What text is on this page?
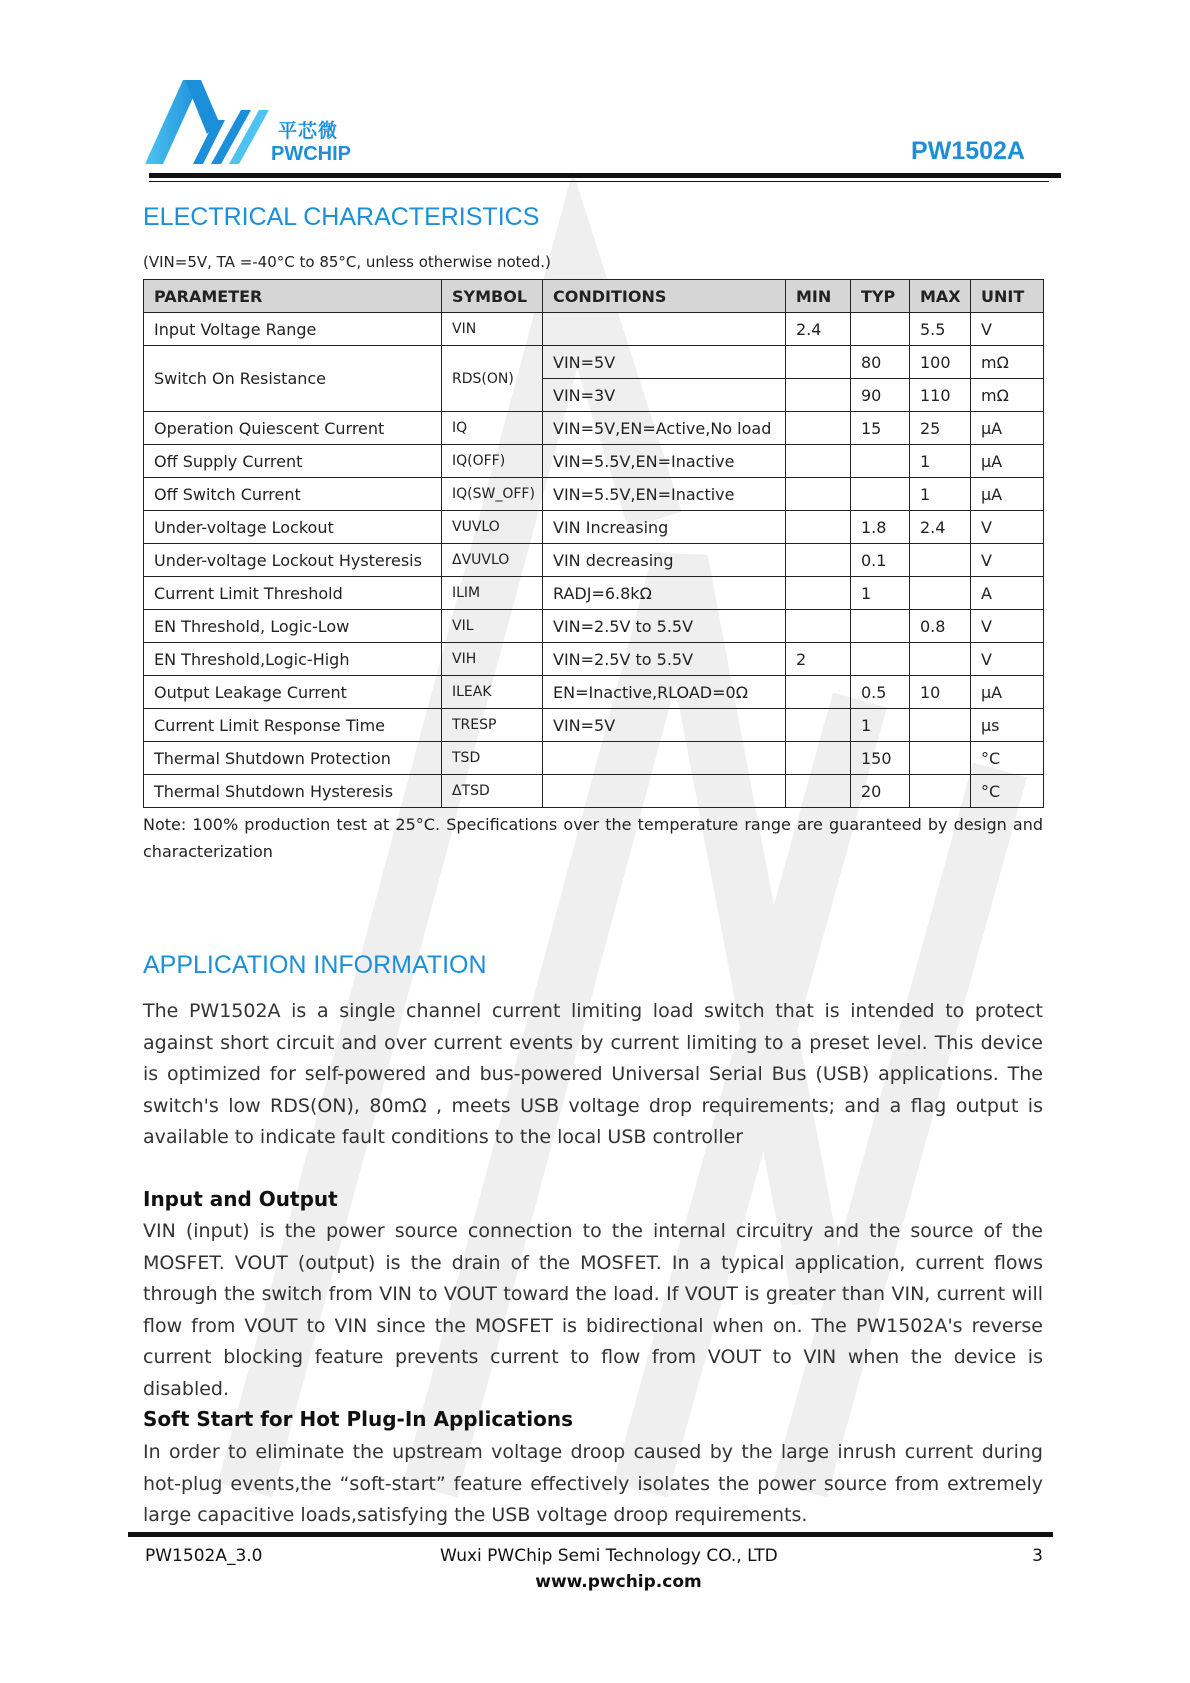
平芯微
PWCHIP	PW1502A
ELECTRICAL CHARACTERISTICS
(VIN=5V, TA =-40°C to 85°C, unless otherwise noted.)
PARAMETER	SYMBOL	CONDITIONS	MIN	TYP	MAX	UNIT
Input Voltage Range	VIN		2.4		5.5	V
Switch On Resistance	RDS(ON)	VIN=5V		80	100	mΩ
		VIN=3V		90	110	mΩ
Operation Quiescent Current	IQ	VIN=5V,EN=Active,No load		15	25	µA
Off Supply Current	IQ(OFF)	VIN=5.5V,EN=Inactive			1	µA
Off Switch Current	IQ(SW_OFF)	VIN=5.5V,EN=Inactive			1	µA
Under-voltage Lockout	VUVLO	VIN Increasing		1.8	2.4	V
Under-voltage Lockout Hysteresis	ΔVUVLO	VIN decreasing		0.1		V
Current Limit Threshold	ILIM	RADJ=6.8kΩ		1		A
EN Threshold, Logic-Low	VIL	VIN=2.5V to 5.5V			0.8	V
EN Threshold,Logic-High	VIH	VIN=2.5V to 5.5V	2			V
Output Leakage Current	ILEAK	EN=Inactive,RLOAD=0Ω		0.5	10	µA
Current Limit Response Time	TRESP	VIN=5V		1		µs
Thermal Shutdown Protection	TSD			150		°C
Thermal Shutdown Hysteresis	ΔTSD			20		°C
Note: 100% production test at 25°C. Specifications over the temperature range are guaranteed by design and
characterization
APPLICATION INFORMATION

The PW1502A is a single channel current limiting load switch that is intended to protect against short circuit and over current events by current limiting to a preset level. This device is optimized for self-powered and bus-powered Universal Serial Bus (USB) applications. The switch's low RDS(ON), 80mΩ , meets USB voltage drop requirements; and a flag output is available to indicate fault conditions to the local USB controller

Input and Output

VIN (input) is the power source connection to the internal circuitry and the source of the MOSFET. VOUT (output) is the drain of the MOSFET. In a typical application, current flows through the switch from VIN to VOUT toward the load. If VOUT is greater than VIN, current will flow from VOUT to VIN since the MOSFET is bidirectional when on. The PW1502A's reverse current blocking feature prevents current to flow from VOUT to VIN when the device is disabled.

Soft Start for Hot Plug-In Applications

In order to eliminate the upstream voltage droop caused by the large inrush current during hot-plug events,the “soft-start” feature effectively isolates the power source from extremely large capacitive loads,satisfying the USB voltage droop requirements.

PW1502A_3.0	Wuxi PWChip Semi Technology CO., LTD	3
www.pwchip.com
